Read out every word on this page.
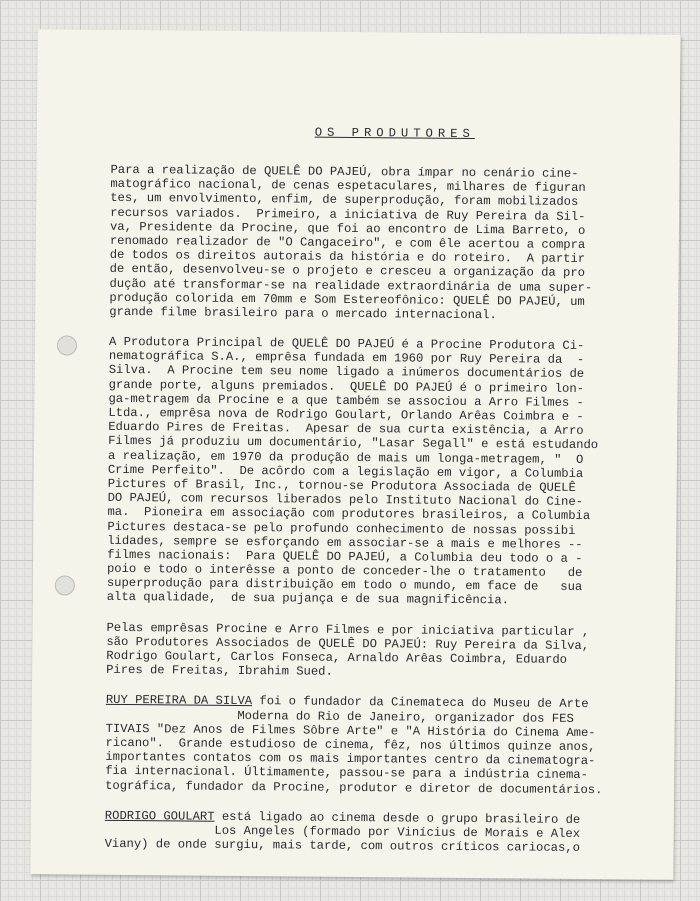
OS PRODUTORES
Para a realização de QUELÊ DO PAJEÚ, obra ímpar no cenário cine-
matográfico nacional, de cenas espetaculares, milhares de figuran
tes, um envolvimento, enfim, de superprodução, foram mobilizados
recursos variados.  Primeiro, a iniciativa de Ruy Pereira da Sil-
va, Presidente da Procine, que foi ao encontro de Lima Barreto, o
renomado realizador de "O Cangaceiro", e com êle acertou a compra
de todos os direitos autorais da história e do roteiro.  A partir
de então, desenvolveu-se o projeto e cresceu a organização da pro
dução até transformar-se na realidade extraordinária de uma super-
produção colorida em 70mm e Som Estereofônico: QUELÊ DO PAJEÚ, um
grande filme brasileiro para o mercado internacional.
A Produtora Principal de QUELÊ DO PAJEÚ é a Procine Produtora Ci-
nematográfica S.A., emprêsa fundada em 1960 por Ruy Pereira da  -
Silva.  A Procine tem seu nome ligado a inúmeros documentários de
grande porte, alguns premiados.  QUELÊ DO PAJEÚ é o primeiro lon-
ga-metragem da Procine e a que também se associou a Arro Filmes -
Ltda., emprêsa nova de Rodrigo Goulart, Orlando Arêas Coimbra e -
Eduardo Pires de Freitas.  Apesar de sua curta existência, a Arro
Filmes já produziu um documentário, "Lasar Segall" e está estudando
a realização, em 1970 da produção de mais um longa-metragem, "  O
Crime Perfeito".  De acôrdo com a legislação em vigor, a Columbia
Pictures of Brasil, Inc., tornou-se Produtora Associada de QUELÊ
DO PAJEÚ, com recursos liberados pelo Instituto Nacional do Cine-
ma.  Pioneira em associação com produtores brasileiros, a Columbia
Pictures destaca-se pelo profundo conhecimento de nossas possibi
lidades, sempre se esforçando em associar-se a mais e melhores --
filmes nacionais:  Para QUELÊ DO PAJEÚ, a Columbia deu todo o a -
poio e todo o interêsse a ponto de conceder-lhe o tratamento   de
superprodução para distribuição em todo o mundo, em face de   sua
alta qualidade,  de sua pujança e de sua magnificência.
Pelas emprêsas Procine e Arro Filmes e por iniciativa particular ,
são Produtores Associados de QUELÊ DO PAJEÚ: Ruy Pereira da Silva,
Rodrigo Goulart, Carlos Fonseca, Arnaldo Arêas Coimbra, Eduardo
Pires de Freitas, Ibrahim Sued.
RUY PEREIRA DA SILVA foi o fundador da Cinemateca do Museu de Arte
Moderna do Rio de Janeiro, organizador dos FES
TIVAIS "Dez Anos de Filmes Sôbre Arte" e "A História do Cinema Ame-
ricano".  Grande estudioso de cinema, fêz, nos últimos quinze anos,
importantes contatos com os mais importantes centro da cinematogra-
fia internacional. Últimamente, passou-se para a indústria cinema-
tográfica, fundador da Procine, produtor e diretor de documentários.
RODRIGO GOULART está ligado ao cinema desde o grupo brasileiro de
Los Angeles (formado por Vinícius de Morais e Alex
Viany) de onde surgiu, mais tarde, com outros críticos cariocas,o
